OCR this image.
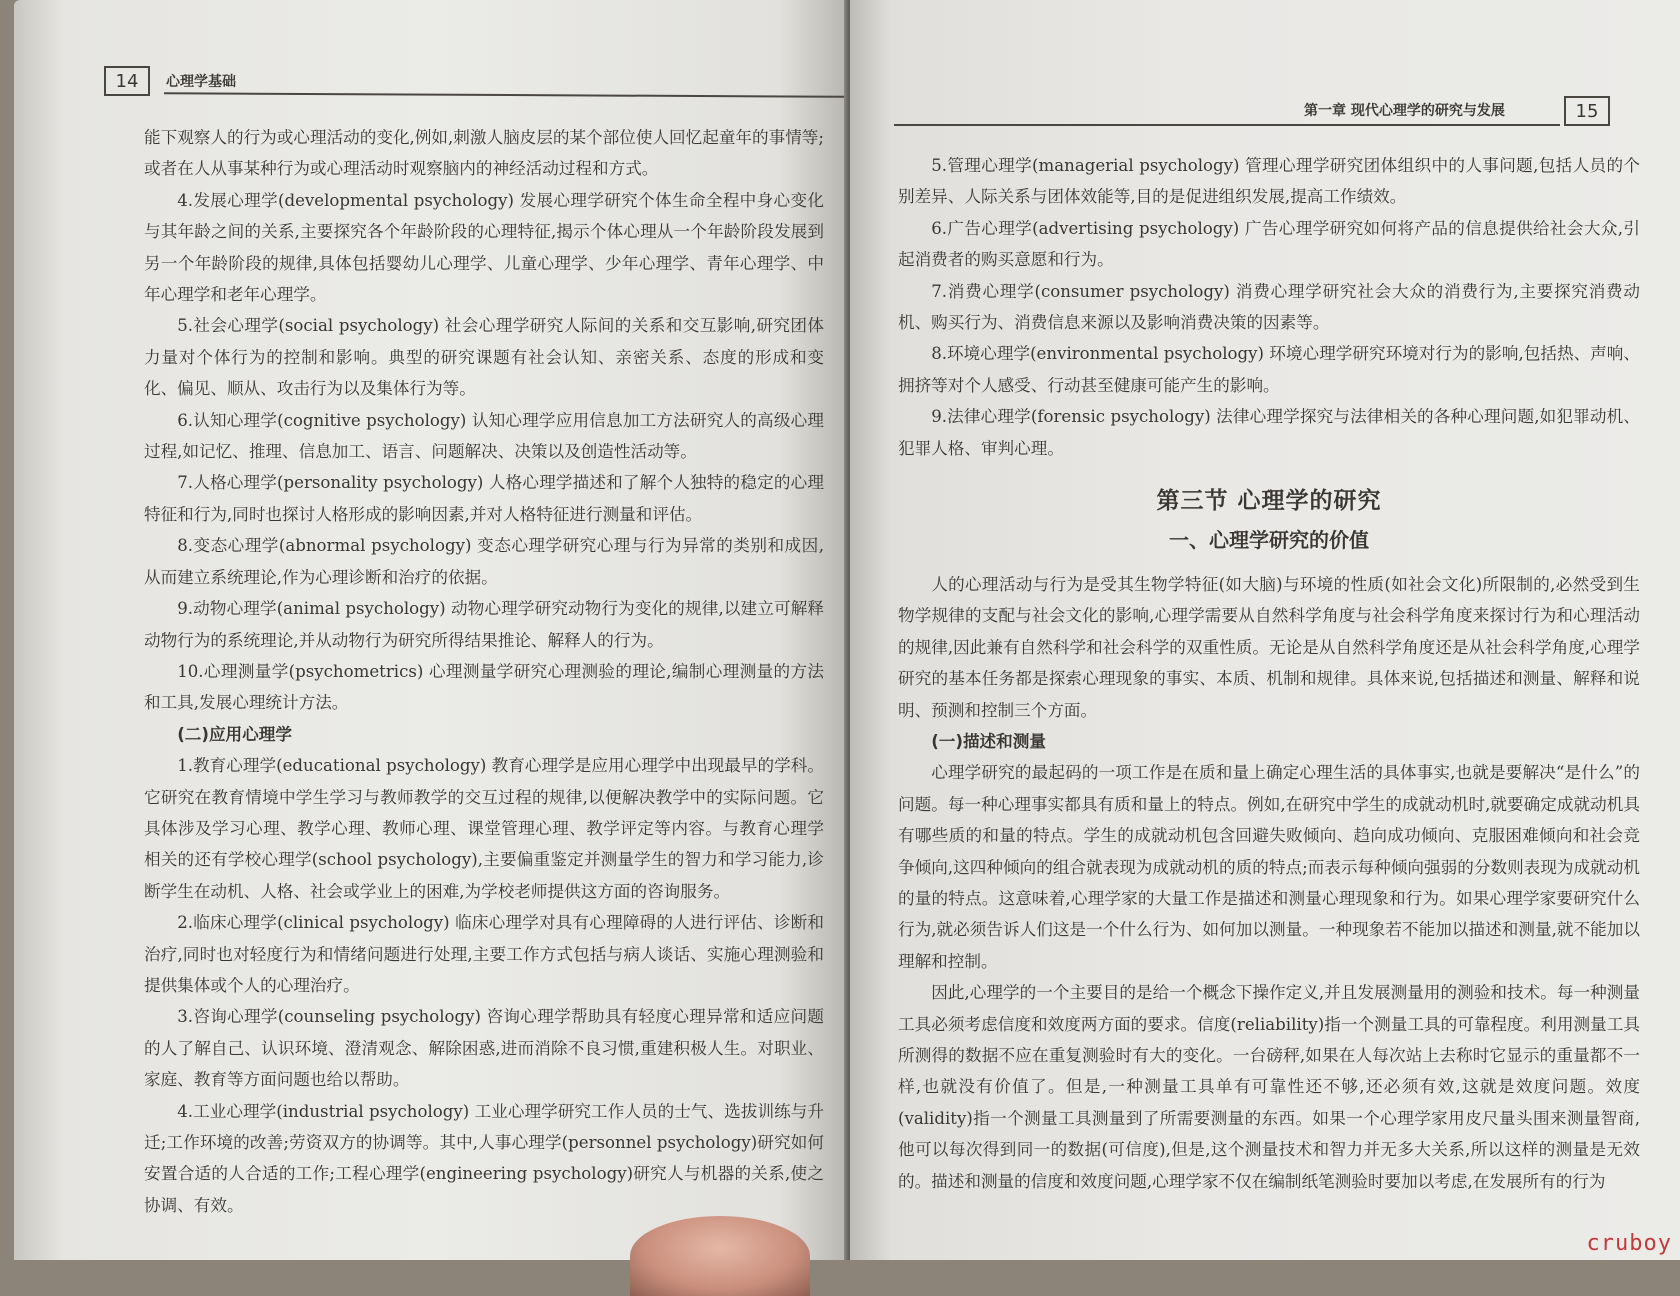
14	心理学基础

能下观察人的行为或心理活动的变化,例如,刺激人脑皮层的某个部位使人回忆起童年的事情等;或者在人从事某种行为或心理活动时观察脑内的神经活动过程和方式。

4.发展心理学(developmental psychology) 发展心理学研究个体生命全程中身心变化与其年龄之间的关系,主要探究各个年龄阶段的心理特征,揭示个体心理从一个年龄阶段发展到另一个年龄阶段的规律,具体包括婴幼儿心理学、儿童心理学、少年心理学、青年心理学、中年心理学和老年心理学。

5.社会心理学(social psychology) 社会心理学研究人际间的关系和交互影响,研究团体力量对个体行为的控制和影响。典型的研究课题有社会认知、亲密关系、态度的形成和变化、偏见、顺从、攻击行为以及集体行为等。

6.认知心理学(cognitive psychology) 认知心理学应用信息加工方法研究人的高级心理过程,如记忆、推理、信息加工、语言、问题解决、决策以及创造性活动等。

7.人格心理学(personality psychology) 人格心理学描述和了解个人独特的稳定的心理特征和行为,同时也探讨人格形成的影响因素,并对人格特征进行测量和评估。

8.变态心理学(abnormal psychology) 变态心理学研究心理与行为异常的类别和成因,从而建立系统理论,作为心理诊断和治疗的依据。

9.动物心理学(animal psychology) 动物心理学研究动物行为变化的规律,以建立可解释动物行为的系统理论,并从动物行为研究所得结果推论、解释人的行为。

10.心理测量学(psychometrics) 心理测量学研究心理测验的理论,编制心理测量的方法和工具,发展心理统计方法。

(二)应用心理学

1.教育心理学(educational psychology) 教育心理学是应用心理学中出现最早的学科。它研究在教育情境中学生学习与教师教学的交互过程的规律,以便解决教学中的实际问题。它具体涉及学习心理、教学心理、教师心理、课堂管理心理、教学评定等内容。与教育心理学相关的还有学校心理学(school psychology),主要偏重鉴定并测量学生的智力和学习能力,诊断学生在动机、人格、社会或学业上的困难,为学校老师提供这方面的咨询服务。

2.临床心理学(clinical psychology) 临床心理学对具有心理障碍的人进行评估、诊断和治疗,同时也对轻度行为和情绪问题进行处理,主要工作方式包括与病人谈话、实施心理测验和提供集体或个人的心理治疗。

3.咨询心理学(counseling psychology) 咨询心理学帮助具有轻度心理异常和适应问题的人了解自己、认识环境、澄清观念、解除困惑,进而消除不良习惯,重建积极人生。对职业、家庭、教育等方面问题也给以帮助。

4.工业心理学(industrial psychology) 工业心理学研究工作人员的士气、选拔训练与升迁;工作环境的改善;劳资双方的协调等。其中,人事心理学(personnel psychology)研究如何安置合适的人合适的工作;工程心理学(engineering psychology)研究人与机器的关系,使之协调、有效。

第一章 现代心理学的研究与发展	15

5.管理心理学(managerial psychology) 管理心理学研究团体组织中的人事问题,包括人员的个别差异、人际关系与团体效能等,目的是促进组织发展,提高工作绩效。

6.广告心理学(advertising psychology) 广告心理学研究如何将产品的信息提供给社会大众,引起消费者的购买意愿和行为。

7.消费心理学(consumer psychology) 消费心理学研究社会大众的消费行为,主要探究消费动机、购买行为、消费信息来源以及影响消费决策的因素等。

8.环境心理学(environmental psychology) 环境心理学研究环境对行为的影响,包括热、声响、拥挤等对个人感受、行动甚至健康可能产生的影响。

9.法律心理学(forensic psychology) 法律心理学探究与法律相关的各种心理问题,如犯罪动机、犯罪人格、审判心理。

第三节 心理学的研究
一、心理学研究的价值

人的心理活动与行为是受其生物学特征(如大脑)与环境的性质(如社会文化)所限制的,必然受到生物学规律的支配与社会文化的影响,心理学需要从自然科学角度与社会科学角度来探讨行为和心理活动的规律,因此兼有自然科学和社会科学的双重性质。无论是从自然科学角度还是从社会科学角度,心理学研究的基本任务都是探索心理现象的事实、本质、机制和规律。具体来说,包括描述和测量、解释和说明、预测和控制三个方面。

(一)描述和测量

心理学研究的最起码的一项工作是在质和量上确定心理生活的具体事实,也就是要解决“是什么”的问题。每一种心理事实都具有质和量上的特点。例如,在研究中学生的成就动机时,就要确定成就动机具有哪些质的和量的特点。学生的成就动机包含回避失败倾向、趋向成功倾向、克服困难倾向和社会竞争倾向,这四种倾向的组合就表现为成就动机的质的特点;而表示每种倾向强弱的分数则表现为成就动机的量的特点。这意味着,心理学家的大量工作是描述和测量心理现象和行为。如果心理学家要研究什么行为,就必须告诉人们这是一个什么行为、如何加以测量。一种现象若不能加以描述和测量,就不能加以理解和控制。

因此,心理学的一个主要目的是给一个概念下操作定义,并且发展测量用的测验和技术。每一种测量工具必须考虑信度和效度两方面的要求。信度(reliability)指一个测量工具的可靠程度。利用测量工具所测得的数据不应在重复测验时有大的变化。一台磅秤,如果在人每次站上去称时它显示的重量都不一样,也就没有价值了。但是,一种测量工具单有可靠性还不够,还必须有效,这就是效度问题。效度(validity)指一个测量工具测量到了所需要测量的东西。如果一个心理学家用皮尺量头围来测量智商,他可以每次得到同一的数据(可信度),但是,这个测量技术和智力并无多大关系,所以这样的测量是无效的。描述和测量的信度和效度问题,心理学家不仅在编制纸笔测验时要加以考虑,在发展所有的行为

cruboy
